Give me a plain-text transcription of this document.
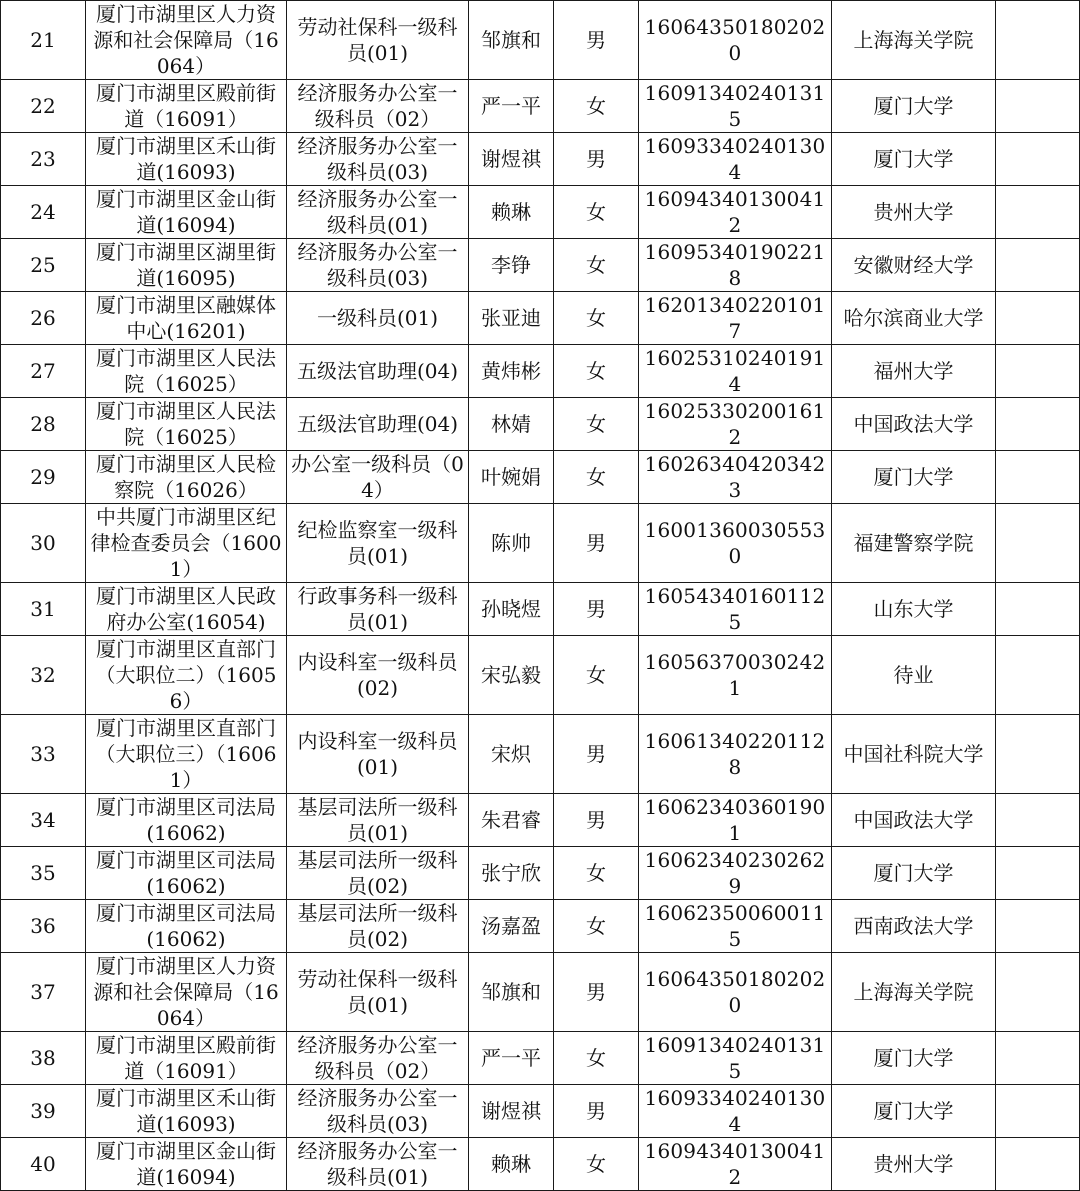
21	厦门市湖里区人力资源和社会保障局（16064）	劳动社保科一级科员(01)	邹旗和	男	160643501802020	上海海关学院	
22	厦门市湖里区殿前街道（16091）	经济服务办公室一级科员（02）	严一平	女	160913402401315	厦门大学	
23	厦门市湖里区禾山街道(16093)	经济服务办公室一级科员(03)	谢煜祺	男	160933402401304	厦门大学	
24	厦门市湖里区金山街道(16094)	经济服务办公室一级科员(01)	赖琳	女	160943401300412	贵州大学	
25	厦门市湖里区湖里街道(16095)	经济服务办公室一级科员(03)	李铮	女	160953401902218	安徽财经大学	
26	厦门市湖里区融媒体中心(16201)	一级科员(01)	张亚迪	女	162013402201017	哈尔滨商业大学	
27	厦门市湖里区人民法院（16025）	五级法官助理(04)	黄炜彬	女	160253102401914	福州大学	
28	厦门市湖里区人民法院（16025）	五级法官助理(04)	林婧	女	160253302001612	中国政法大学	
29	厦门市湖里区人民检察院（16026）	办公室一级科员（04）	叶婉娟	女	160263404203423	厦门大学	
30	中共厦门市湖里区纪律检查委员会（16001）	纪检监察室一级科员(01)	陈帅	男	160013600305530	福建警察学院	
31	厦门市湖里区人民政府办公室(16054)	行政事务科一级科员(01)	孙晓煜	男	160543401601125	山东大学	
32	厦门市湖里区直部门（大职位二）（16056）	内设科室一级科员(02)	宋弘毅	女	160563700302421	待业	
33	厦门市湖里区直部门（大职位三）（16061）	内设科室一级科员(01)	宋炽	男	160613402201128	中国社科院大学	
34	厦门市湖里区司法局(16062)	基层司法所一级科员(01)	朱君睿	男	160623403601901	中国政法大学	
35	厦门市湖里区司法局(16062)	基层司法所一级科员(02)	张宁欣	女	160623402302629	厦门大学	
36	厦门市湖里区司法局(16062)	基层司法所一级科员(02)	汤嘉盈	女	160623500600115	西南政法大学	
37	厦门市湖里区人力资源和社会保障局（16064）	劳动社保科一级科员(01)	邹旗和	男	160643501802020	上海海关学院	
38	厦门市湖里区殿前街道（16091）	经济服务办公室一级科员（02）	严一平	女	160913402401315	厦门大学	
39	厦门市湖里区禾山街道(16093)	经济服务办公室一级科员(03)	谢煜祺	男	160933402401304	厦门大学	
40	厦门市湖里区金山街道(16094)	经济服务办公室一级科员(01)	赖琳	女	160943401300412	贵州大学	
